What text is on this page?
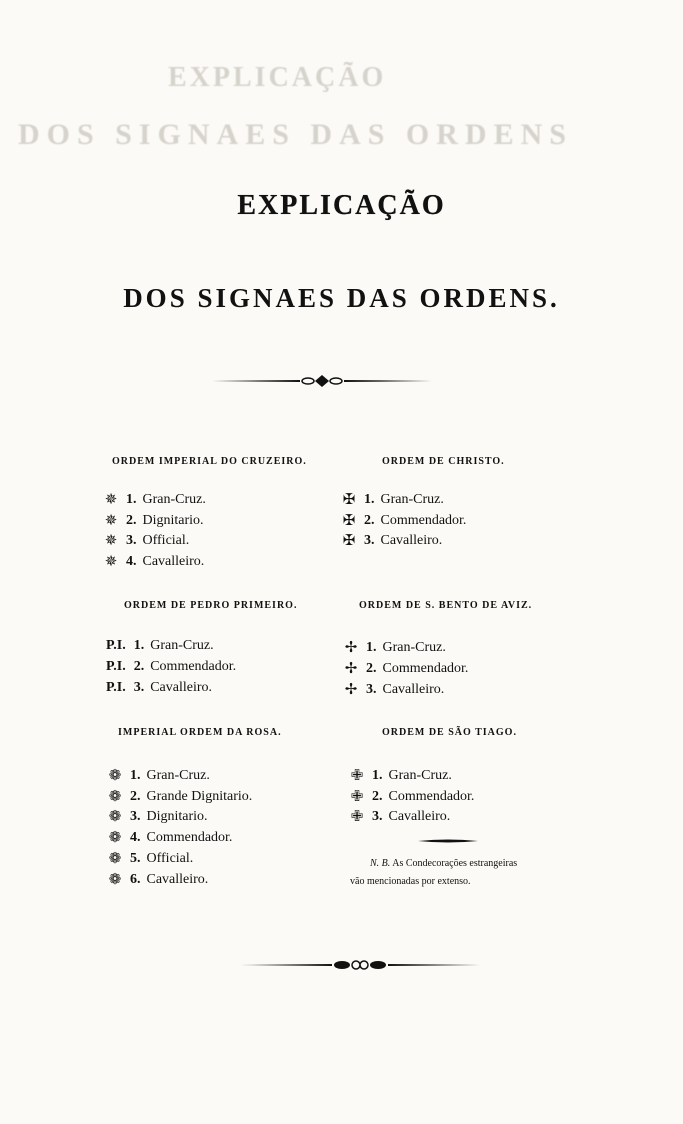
EXPLICAÇÃO
DOS SIGNAES DAS ORDENS
EXPLICAÇÃO
DOS SIGNAES DAS ORDENS.
ORDEM IMPERIAL DO CRUZEIRO.	ORDEM DE CHRISTO.
ORDEM DE PEDRO PRIMEIRO.	ORDEM DE S. BENTO DE AVIZ.
IMPERIAL ORDEM DA ROSA.	ORDEM DE SÃO TIAGO.
✵ 1. Gran-Cruz.
✵ 2. Dignitario.
✵ 3. Official.
✵ 4. Cavalleiro.
✠ 1. Gran-Cruz.
✠ 2. Commendador.
✠ 3. Cavalleiro.
P.I. 1. Gran-Cruz.
P.I. 2. Commendador.
P.I. 3. Cavalleiro.
✢ 1. Gran-Cruz.
✢ 2. Commendador.
✢ 3. Cavalleiro.
❁ 1. Gran-Cruz.
❁ 2. Grande Dignitario.
❁ 3. Dignitario.
❁ 4. Commendador.
❁ 5. Official.
❁ 6. Cavalleiro.
✙ 1. Gran-Cruz.
✙ 2. Commendador.
✙ 3. Cavalleiro.
N. B. As Condecorações estrangeiras
vão mencionadas por extenso.
